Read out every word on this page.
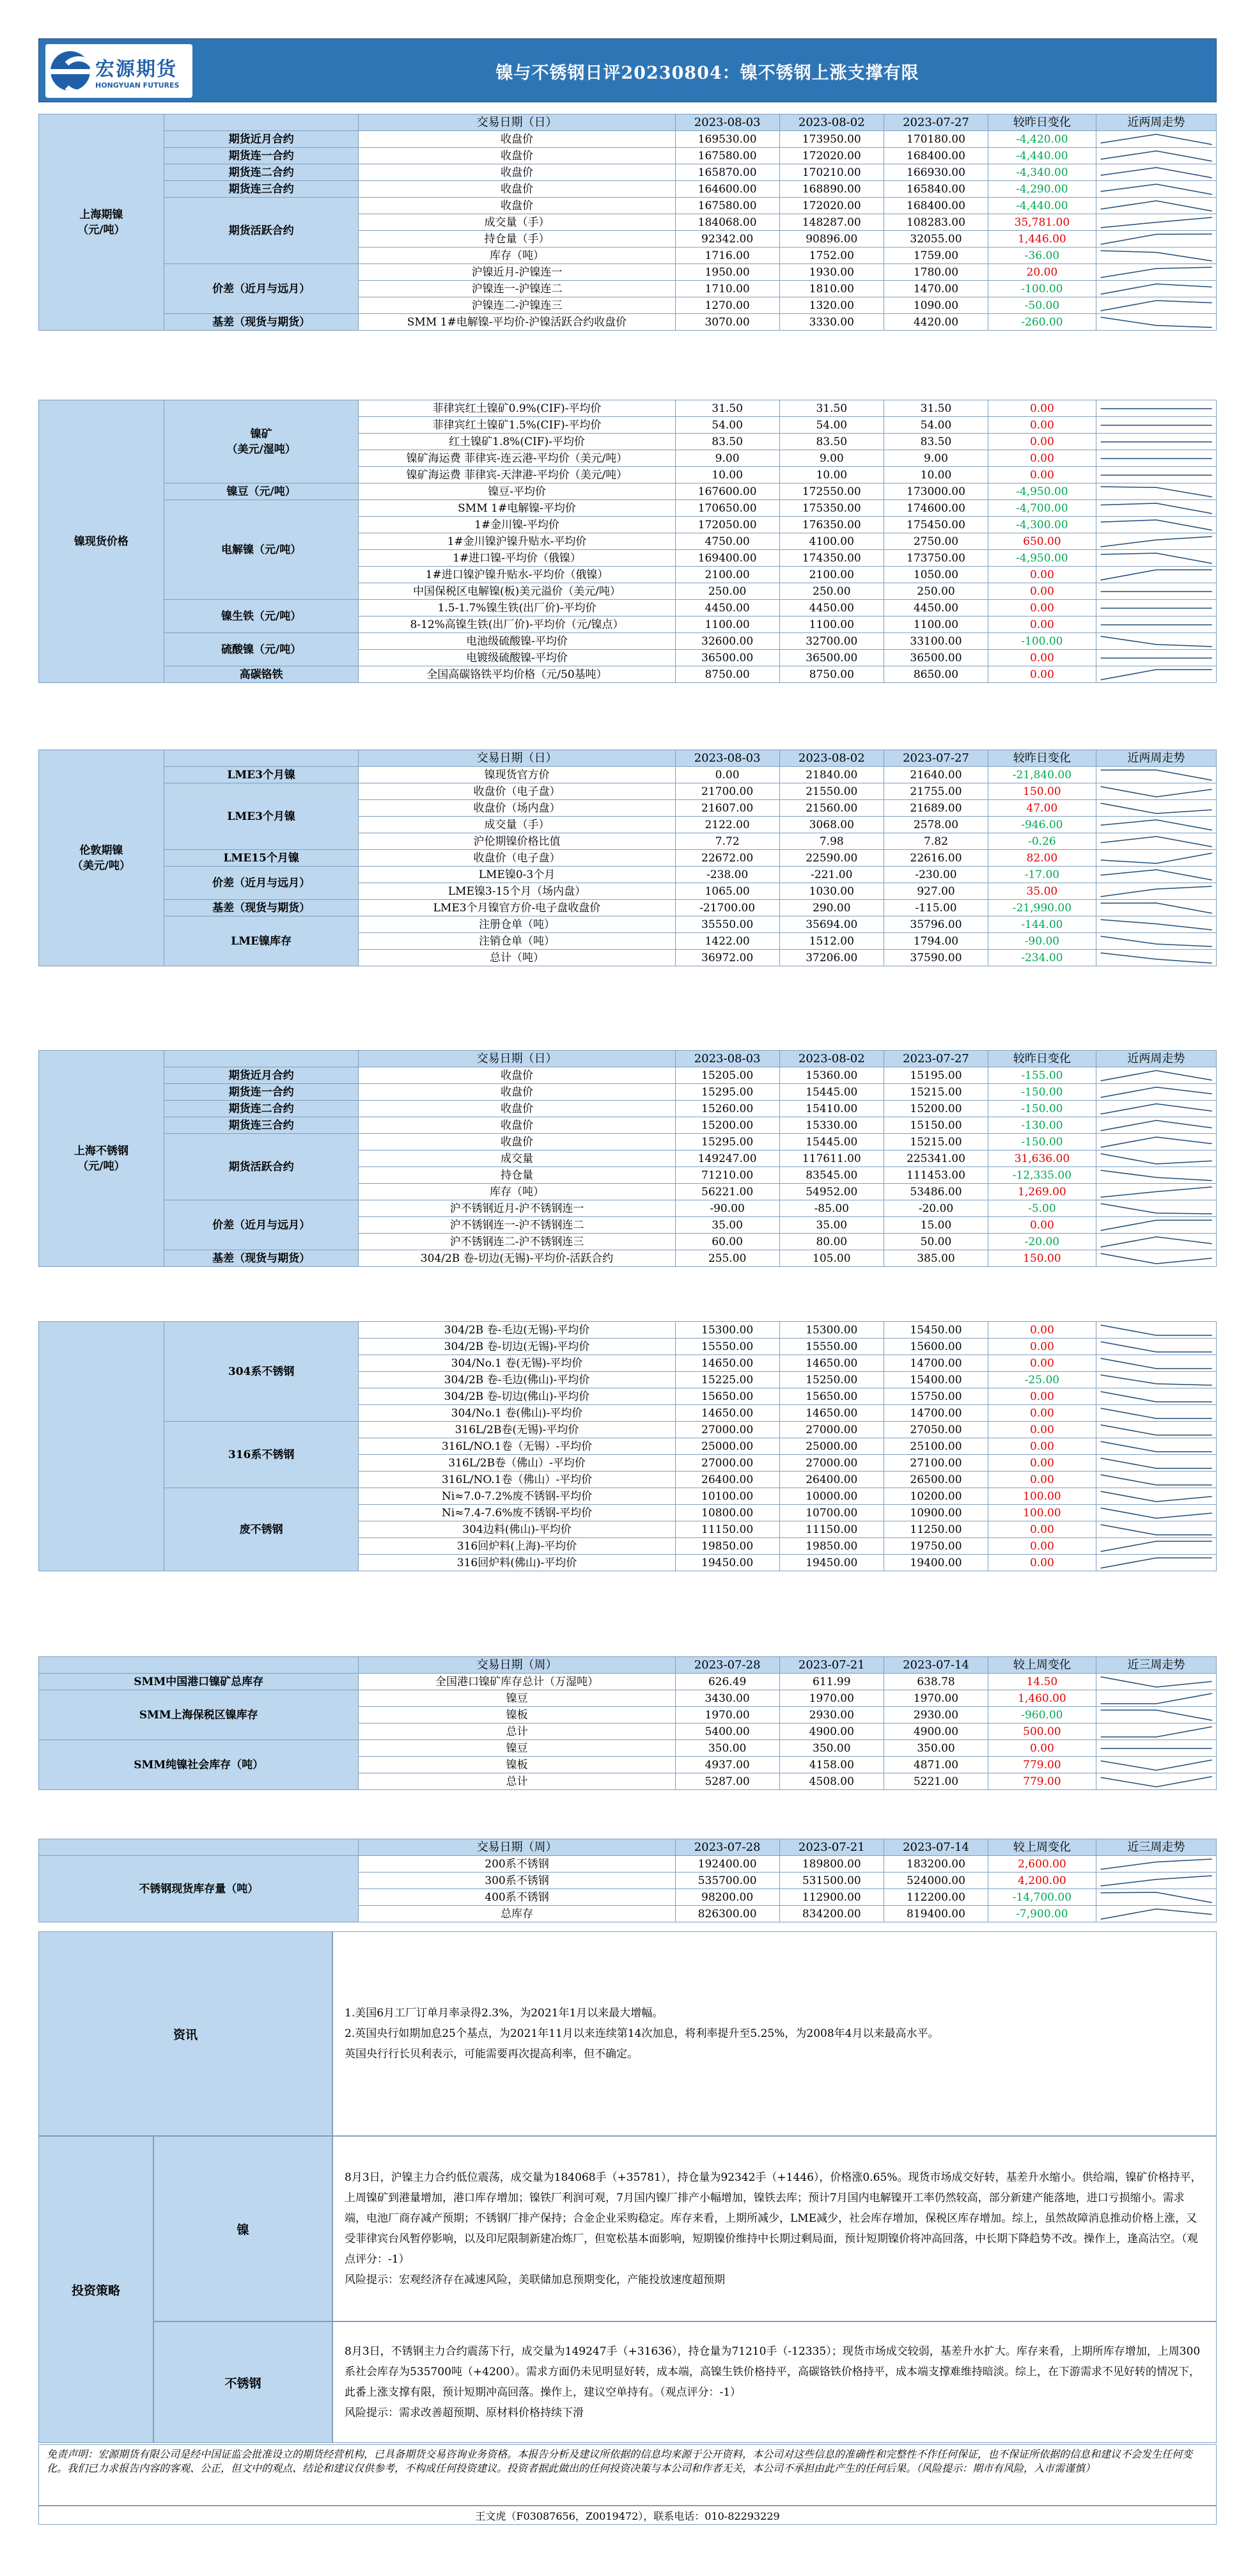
宏源期货
HONGYUAN FUTURES
镍与不锈钢日评20230804：镍不锈钢上涨支撑有限
上海期镍
（元/吨）		交易日期（日）	2023-08-03	2023-08-02	2023-07-27	较昨日变化	近两周走势
	期货近月合约	收盘价	169530.00	173950.00	170180.00	-4,420.00	

	期货连一合约	收盘价	167580.00	172020.00	168400.00	-4,440.00	

	期货连二合约	收盘价	165870.00	170210.00	166930.00	-4,340.00	

	期货连三合约	收盘价	164600.00	168890.00	165840.00	-4,290.00	

	期货活跃合约	收盘价	167580.00	172020.00	168400.00	-4,440.00	

		成交量（手）	184068.00	148287.00	108283.00	35,781.00	

		持仓量（手）	92342.00	90896.00	32055.00	1,446.00	

		库存（吨）	1716.00	1752.00	1759.00	-36.00	

	价差（近月与远月）	沪镍近月-沪镍连一	1950.00	1930.00	1780.00	20.00	

		沪镍连一-沪镍连二	1710.00	1810.00	1470.00	-100.00	

		沪镍连二-沪镍连三	1270.00	1320.00	1090.00	-50.00	

	基差（现货与期货）	SMM 1#电解镍-平均价-沪镍活跃合约收盘价	3070.00	3330.00	4420.00	-260.00	
镍现货价格	镍矿
（美元/湿吨）	菲律宾红土镍矿0.9%(CIF)-平均价	31.50	31.50	31.50	0.00	

		菲律宾红土镍矿1.5%(CIF)-平均价	54.00	54.00	54.00	0.00	

		红土镍矿1.8%(CIF)-平均价	83.50	83.50	83.50	0.00	

		镍矿海运费 菲律宾-连云港-平均价（美元/吨）	9.00	9.00	9.00	0.00	

		镍矿海运费 菲律宾-天津港-平均价（美元/吨）	10.00	10.00	10.00	0.00	

	镍豆（元/吨）	镍豆-平均价	167600.00	172550.00	173000.00	-4,950.00	

	电解镍（元/吨）	SMM 1#电解镍-平均价	170650.00	175350.00	174600.00	-4,700.00	

		1#金川镍-平均价	172050.00	176350.00	175450.00	-4,300.00	

		1#金川镍沪镍升贴水-平均价	4750.00	4100.00	2750.00	650.00	

		1#进口镍-平均价（俄镍）	169400.00	174350.00	173750.00	-4,950.00	

		1#进口镍沪镍升贴水-平均价（俄镍）	2100.00	2100.00	1050.00	0.00	

		中国保税区电解镍(板)美元溢价（美元/吨）	250.00	250.00	250.00	0.00	

	镍生铁（元/吨）	1.5-1.7%镍生铁(出厂价)-平均价	4450.00	4450.00	4450.00	0.00	

		8-12%高镍生铁(出厂价)-平均价（元/镍点）	1100.00	1100.00	1100.00	0.00	

	硫酸镍（元/吨）	电池级硫酸镍-平均价	32600.00	32700.00	33100.00	-100.00	

		电镀级硫酸镍-平均价	36500.00	36500.00	36500.00	0.00	

	高碳铬铁	全国高碳铬铁平均价格（元/50基吨）	8750.00	8750.00	8650.00	0.00	
伦敦期镍
（美元/吨）		交易日期（日）	2023-08-03	2023-08-02	2023-07-27	较昨日变化	近两周走势
	LME3个月镍	镍现货官方价	0.00	21840.00	21640.00	-21,840.00	

	LME3个月镍	收盘价（电子盘）	21700.00	21550.00	21755.00	150.00	

		收盘价（场内盘）	21607.00	21560.00	21689.00	47.00	

		成交量（手）	2122.00	3068.00	2578.00	-946.00	

		沪伦期镍价格比值	7.72	7.98	7.82	-0.26	

	LME15个月镍	收盘价（电子盘）	22672.00	22590.00	22616.00	82.00	

	价差（近月与远月）	LME镍0-3个月	-238.00	-221.00	-230.00	-17.00	

		LME镍3-15个月（场内盘）	1065.00	1030.00	927.00	35.00	

	基差（现货与期货）	LME3个月镍官方价-电子盘收盘价	-21700.00	290.00	-115.00	-21,990.00	

	LME镍库存	注册仓单（吨）	35550.00	35694.00	35796.00	-144.00	

		注销仓单（吨）	1422.00	1512.00	1794.00	-90.00	

		总计（吨）	36972.00	37206.00	37590.00	-234.00	
上海不锈钢
（元/吨）		交易日期（日）	2023-08-03	2023-08-02	2023-07-27	较昨日变化	近两周走势
	期货近月合约	收盘价	15205.00	15360.00	15195.00	-155.00	

	期货连一合约	收盘价	15295.00	15445.00	15215.00	-150.00	

	期货连二合约	收盘价	15260.00	15410.00	15200.00	-150.00	

	期货连三合约	收盘价	15200.00	15330.00	15150.00	-130.00	

	期货活跃合约	收盘价	15295.00	15445.00	15215.00	-150.00	

		成交量	149247.00	117611.00	225341.00	31,636.00	

		持仓量	71210.00	83545.00	111453.00	-12,335.00	

		库存（吨）	56221.00	54952.00	53486.00	1,269.00	

	价差（近月与远月）	沪不锈钢近月-沪不锈钢连一	-90.00	-85.00	-20.00	-5.00	

		沪不锈钢连一-沪不锈钢连二	35.00	35.00	15.00	0.00	

		沪不锈钢连二-沪不锈钢连三	60.00	80.00	50.00	-20.00	

	基差（现货与期货）	304/2B 卷-切边(无锡)-平均价-活跃合约	255.00	105.00	385.00	150.00	
	304系不锈钢	304/2B 卷-毛边(无锡)-平均价	15300.00	15300.00	15450.00	0.00	

		304/2B 卷-切边(无锡)-平均价	15550.00	15550.00	15600.00	0.00	

		304/No.1 卷(无锡)-平均价	14650.00	14650.00	14700.00	0.00	

		304/2B 卷-毛边(佛山)-平均价	15225.00	15250.00	15400.00	-25.00	

		304/2B 卷-切边(佛山)-平均价	15650.00	15650.00	15750.00	0.00	

		304/No.1 卷(佛山)-平均价	14650.00	14650.00	14700.00	0.00	

	316系不锈钢	316L/2B卷(无锡)-平均价	27000.00	27000.00	27050.00	0.00	

		316L/NO.1卷（无锡）-平均价	25000.00	25000.00	25100.00	0.00	

		316L/2B卷（佛山）-平均价	27000.00	27000.00	27100.00	0.00	

		316L/NO.1卷（佛山）-平均价	26400.00	26400.00	26500.00	0.00	

	废不锈钢	Ni≈7.0-7.2%废不锈钢-平均价	10100.00	10000.00	10200.00	100.00	

		Ni≈7.4-7.6%废不锈钢-平均价	10800.00	10700.00	10900.00	100.00	

		304边料(佛山)-平均价	11150.00	11150.00	11250.00	0.00	

		316回炉料(上海)-平均价	19850.00	19850.00	19750.00	0.00	

		316回炉料(佛山)-平均价	19450.00	19450.00	19400.00	0.00	
	交易日期（周）	2023-07-28	2023-07-21	2023-07-14	较上周变化	近三周走势
SMM中国港口镍矿总库存	全国港口镍矿库存总计（万湿吨）	626.49	611.99	638.78	14.50	

SMM上海保税区镍库存	镍豆	3430.00	1970.00	1970.00	1,460.00	

	镍板	1970.00	2930.00	2930.00	-960.00	

	总计	5400.00	4900.00	4900.00	500.00	

SMM纯镍社会库存（吨）	镍豆	350.00	350.00	350.00	0.00	

	镍板	4937.00	4158.00	4871.00	779.00	

	总计	5287.00	4508.00	5221.00	779.00	
	交易日期（周）	2023-07-28	2023-07-21	2023-07-14	较上周变化	近三周走势
不锈钢现货库存量（吨）	200系不锈钢	192400.00	189800.00	183200.00	2,600.00	

	300系不锈钢	535700.00	531500.00	524000.00	4,200.00	

	400系不锈钢	98200.00	112900.00	112200.00	-14,700.00	

	总库存	826300.00	834200.00	819400.00	-7,900.00	
资讯
1.美国6月工厂订单月率录得2.3%，为2021年1月以来最大增幅。
2.英国央行如期加息25个基点，为2021年11月以来连续第14次加息，将利率提升至5.25%，为2008年4月以来最高水平。
英国央行行长贝利表示，可能需要再次提高利率，但不确定。
投资策略
镍
8月3日，沪镍主力合约低位震荡，成交量为184068手（+35781），持仓量为92342手（+1446），价格涨0.65%。现货市场成交好转，基差升水缩小。供给端，镍矿价格持平，上周镍矿到港量增加，港口库存增加；镍铁厂利润可观，7月国内镍厂排产小幅增加，镍铁去库；预计7月国内电解镍开工率仍然较高，部分新建产能落地，进口亏损缩小。需求端，电池厂商存减产预期；不锈钢厂排产保持；合金企业采购稳定。库存来看，上期所减少，LME减少，社会库存增加，保税区库存增加。综上，虽然故障消息推动价格上涨，又受菲律宾台风暂停影响，以及印尼限制新建冶炼厂，但宽松基本面影响，短期镍价维持中长期过剩局面，预计短期镍价将冲高回落，中长期下降趋势不改。操作上，逢高沽空。（观点评分：-1）
风险提示：宏观经济存在减速风险，美联储加息预期变化，产能投放速度超预期
不锈钢
8月3日，不锈钢主力合约震荡下行，成交量为149247手（+31636），持仓量为71210手（-12335）；现货市场成交较弱，基差升水扩大。库存来看，上期所库存增加，上周300系社会库存为535700吨（+4200）。需求方面仍未见明显好转，成本端，高镍生铁价格持平，高碳铬铁价格持平，成本端支撑难维持暗淡。综上，在下游需求不见好转的情况下，此番上涨支撑有限，预计短期冲高回落。操作上，建议空单持有。（观点评分：-1）
风险提示：需求改善超预期、原材料价格持续下滑
免责声明：宏源期货有限公司是经中国证监会批准设立的期货经营机构，已具备期货交易咨询业务资格。本报告分析及建议所依据的信息均来源于公开资料，本公司对这些信息的准确性和完整性不作任何保证，也不保证所依据的信息和建议不会发生任何变化。我们已力求报告内容的客观、公正，但文中的观点、结论和建议仅供参考，不构成任何投资建议。投资者据此做出的任何投资决策与本公司和作者无关，本公司不承担由此产生的任何后果。（风险提示：期市有风险，入市需谨慎）
王文虎（F03087656，Z0019472），联系电话：010-82293229
